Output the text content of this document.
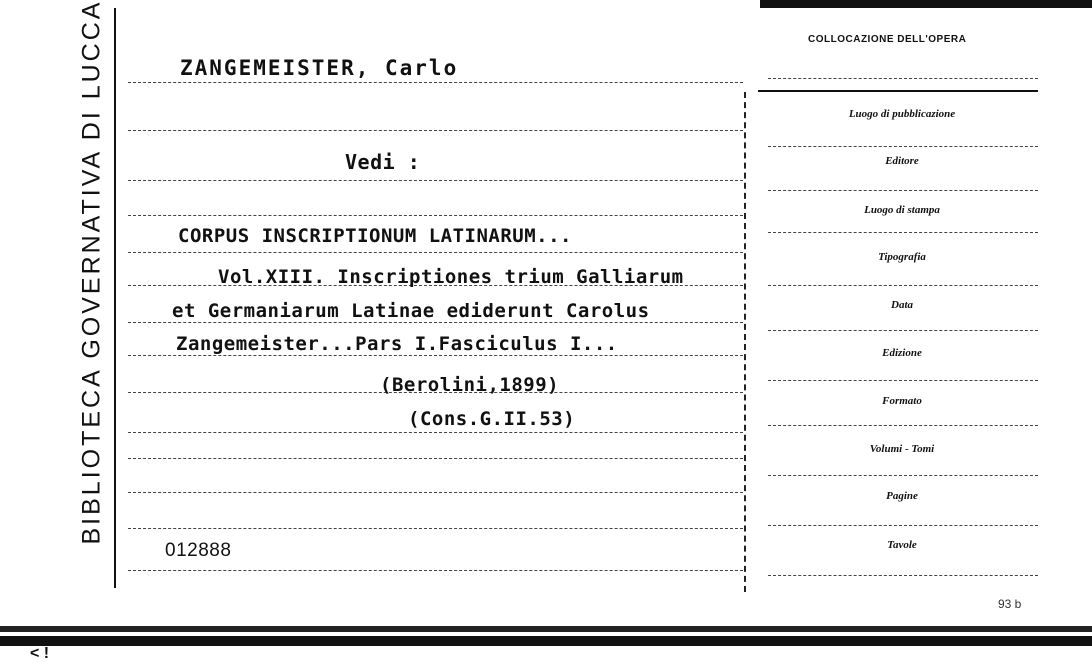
BIBLIOTECA GOVERNATIVA DI LUCCA	ZANGEMEISTER, Carlo
Vedi :
CORPUS INSCRIPTIONUM LATINARUM...
Vol.XIII. Inscriptiones trium Galliarum
et Germaniarum Latinae ediderunt Carolus
Zangemeister...Pars I.Fasciculus I...
(Berolini,1899)
(Cons.G.II.53)
012888
COLLOCAZIONE DELL'OPERA
Luogo di pubblicazione
Editore
Luogo di stampa
Tipografia
Data
Edizione
Formato
Volumi - Tomi
Pagine
Tavole
93 b
< !
